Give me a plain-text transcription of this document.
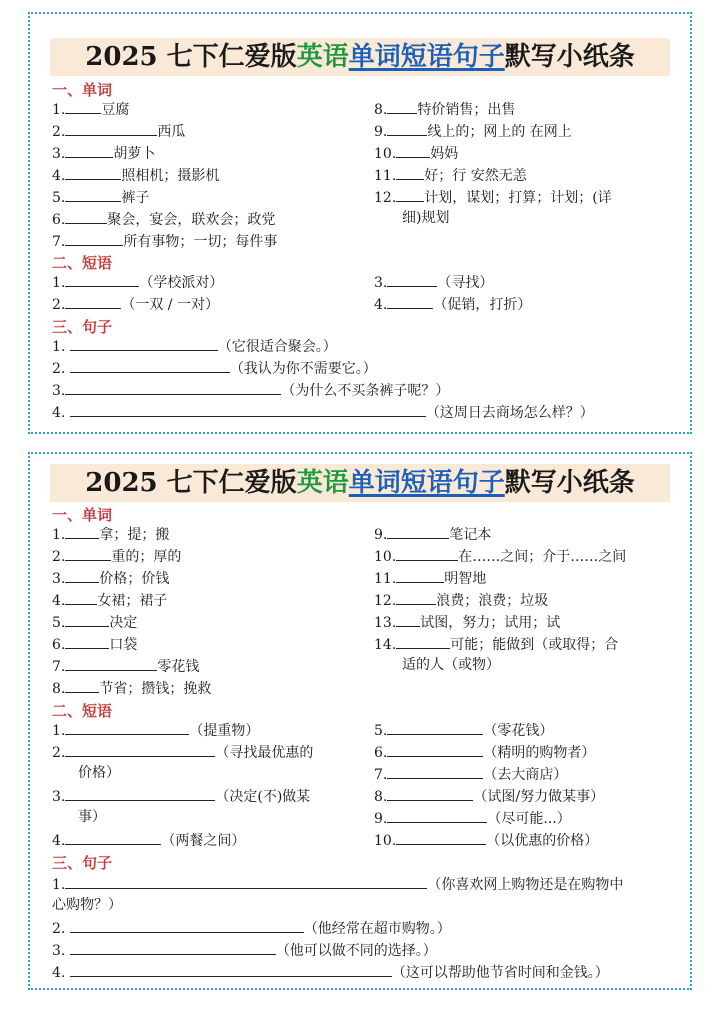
2025 七下仁爱版英语单词短语句子默写小纸条
一、单词
1.	豆腐
2.	西瓜
3.	胡萝卜
4.	照相机；摄影机
5.	裤子
6.	聚会，宴会，联欢会；政党
7.	所有事物；一切；每件事
8. 特价销售；出售
9.	线上的；网上的 在网上
10. 妈妈
11. 好；行 安然无恙
12. 计划，谋划；打算；计划；(详
细)规划
二、短语
1.	（学校派对）
2.	（一双 / 一对）
3.	（寻找）
4.	（促销，打折）
三、句子
1.	（它很适合聚会。）
2.	（我认为你不需要它。）
3.	（为什么不买条裤子呢？）
4.	（这周日去商场怎么样？）
2025 七下仁爱版英语单词短语句子默写小纸条
一、单词
1. 拿；提；搬
2.	重的；厚的
3. 价格；价钱
4. 女裙；裙子
5.	决定
6.	口袋
7.	零花钱
8. 节省；攒钱；挽救
9.	笔记本
10.	在……之间；介于……之间
11.	明智地
12.	浪费；浪费；垃圾
13. 试图，努力；试用；试
14.	可能；能做到（或取得；合
适的人（或物）
二、短语
1.	（提重物）
2.	（寻找最优惠的
价格）
3.	（决定(不)做某
事）
4.	（两餐之间）
5.	（零花钱）
6.	（精明的购物者）
7.	（去大商店）
8.	（试图/努力做某事）
9.	（尽可能...）
10.	（以优惠的价格）
三、句子
1.	（你喜欢网上购物还是在购物中
心购物？）
2.	（他经常在超市购物。）
3.	（他可以做不同的选择。）
4.	（这可以帮助他节省时间和金钱。）
